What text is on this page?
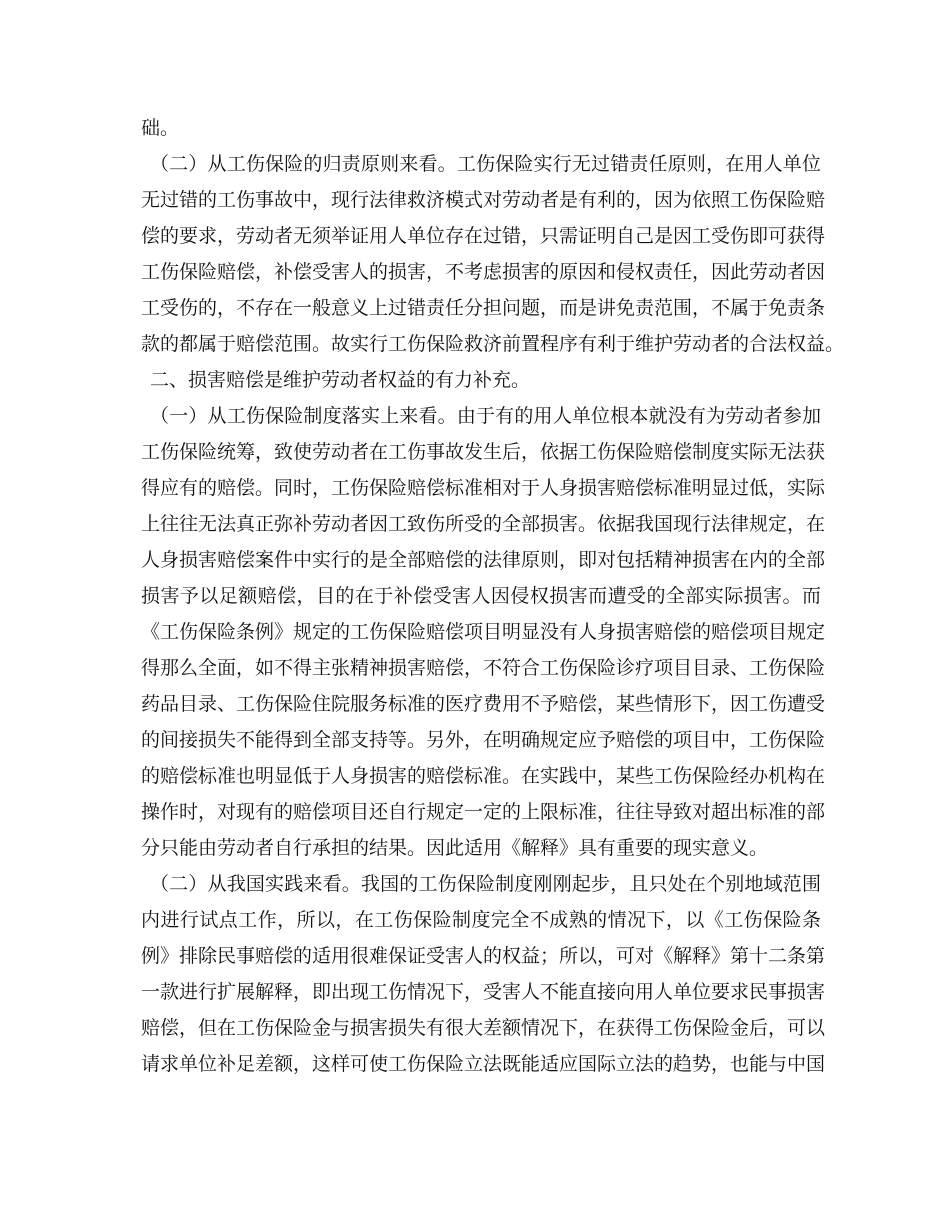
础。
（二）从工伤保险的归责原则来看。工伤保险实行无过错责任原则，在用人单位
无过错的工伤事故中，现行法律救济模式对劳动者是有利的，因为依照工伤保险赔
偿的要求，劳动者无须举证用人单位存在过错，只需证明自己是因工受伤即可获得
工伤保险赔偿，补偿受害人的损害，不考虑损害的原因和侵权责任，因此劳动者因
工受伤的，不存在一般意义上过错责任分担问题，而是讲免责范围，不属于免责条
款的都属于赔偿范围。故实行工伤保险救济前置程序有利于维护劳动者的合法权益。
二、损害赔偿是维护劳动者权益的有力补充。
（一）从工伤保险制度落实上来看。由于有的用人单位根本就没有为劳动者参加
工伤保险统筹，致使劳动者在工伤事故发生后，依据工伤保险赔偿制度实际无法获
得应有的赔偿。同时，工伤保险赔偿标准相对于人身损害赔偿标准明显过低，实际
上往往无法真正弥补劳动者因工致伤所受的全部损害。依据我国现行法律规定，在
人身损害赔偿案件中实行的是全部赔偿的法律原则，即对包括精神损害在内的全部
损害予以足额赔偿，目的在于补偿受害人因侵权损害而遭受的全部实际损害。而
《工伤保险条例》规定的工伤保险赔偿项目明显没有人身损害赔偿的赔偿项目规定
得那么全面，如不得主张精神损害赔偿，不符合工伤保险诊疗项目目录、工伤保险
药品目录、工伤保险住院服务标准的医疗费用不予赔偿，某些情形下，因工伤遭受
的间接损失不能得到全部支持等。另外，在明确规定应予赔偿的项目中，工伤保险
的赔偿标准也明显低于人身损害的赔偿标准。在实践中，某些工伤保险经办机构在
操作时，对现有的赔偿项目还自行规定一定的上限标准，往往导致对超出标准的部
分只能由劳动者自行承担的结果。因此适用《解释》具有重要的现实意义。
（二）从我国实践来看。我国的工伤保险制度刚刚起步，且只处在个别地域范围
内进行试点工作，所以，在工伤保险制度完全不成熟的情况下，以《工伤保险条
例》排除民事赔偿的适用很难保证受害人的权益；所以，可对《解释》第十二条第
一款进行扩展解释，即出现工伤情况下，受害人不能直接向用人单位要求民事损害
赔偿，但在工伤保险金与损害损失有很大差额情况下，在获得工伤保险金后，可以
请求单位补足差额，这样可使工伤保险立法既能适应国际立法的趋势，也能与中国
